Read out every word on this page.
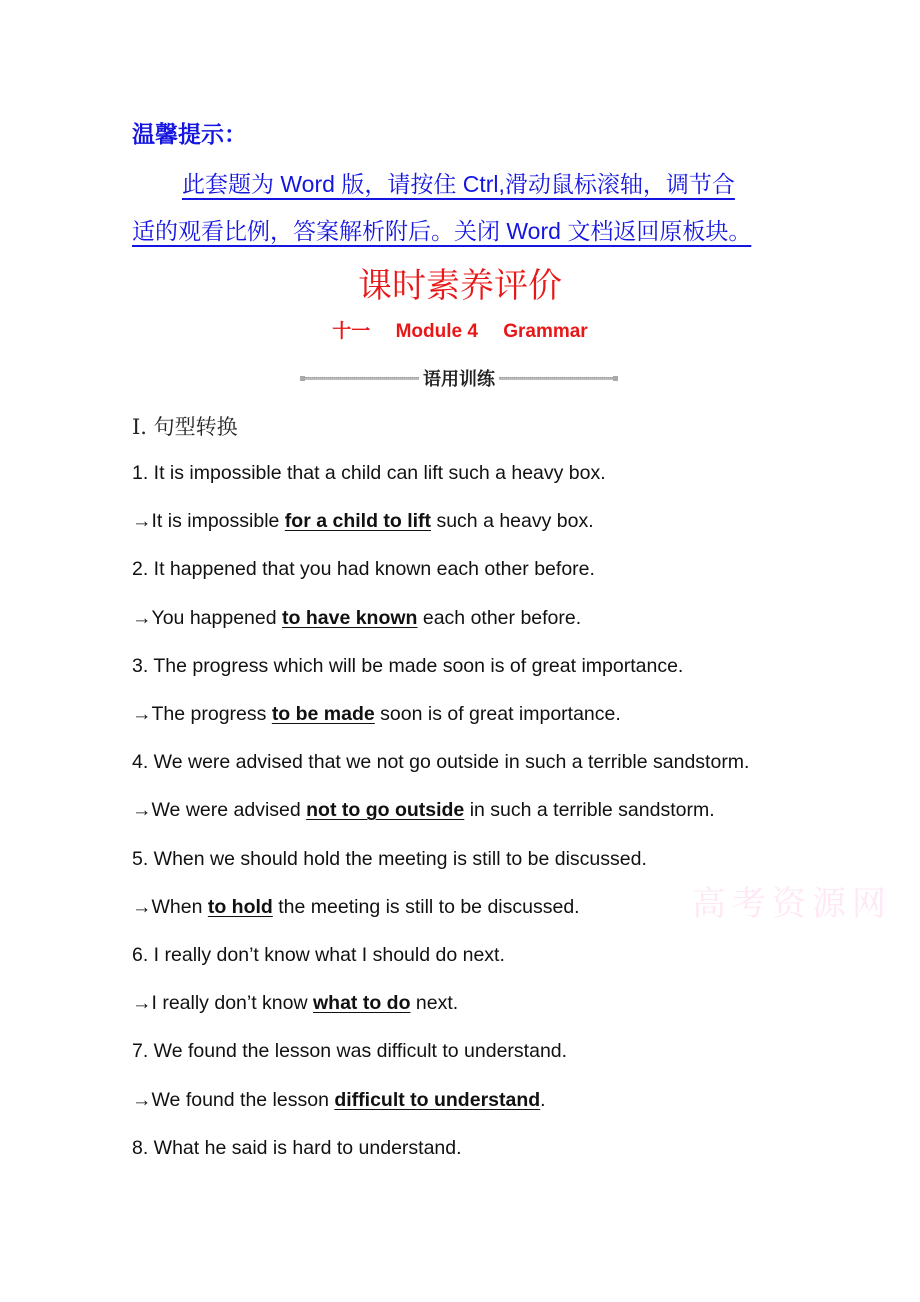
温馨提示：
此套题为 Word 版，请按住 Ctrl,滑动鼠标滚轴，调节合
适的观看比例，答案解析附后。关闭 Word 文档返回原板块。
课时素养评价
十一 Module 4 Grammar
语用训练
Ⅰ. 句型转换
1. It is impossible that a child can lift such a heavy box.
→It is impossible for a child to lift such a heavy box.
2. It happened that you had known each other before.
→You happened to have known each other before.
3. The progress which will be made soon is of great importance.
→The progress to be made soon is of great importance.
4. We were advised that we not go outside in such a terrible sandstorm.
→We were advised not to go outside in such a terrible sandstorm.
5. When we should hold the meeting is still to be discussed.
→When to hold the meeting is still to be discussed.
6. I really don’t know what I should do next.
→I really don’t know what to do next.
7. We found the lesson was difficult to understand.
→We found the lesson difficult to understand.
8. What he said is hard to understand.
高考资源网
